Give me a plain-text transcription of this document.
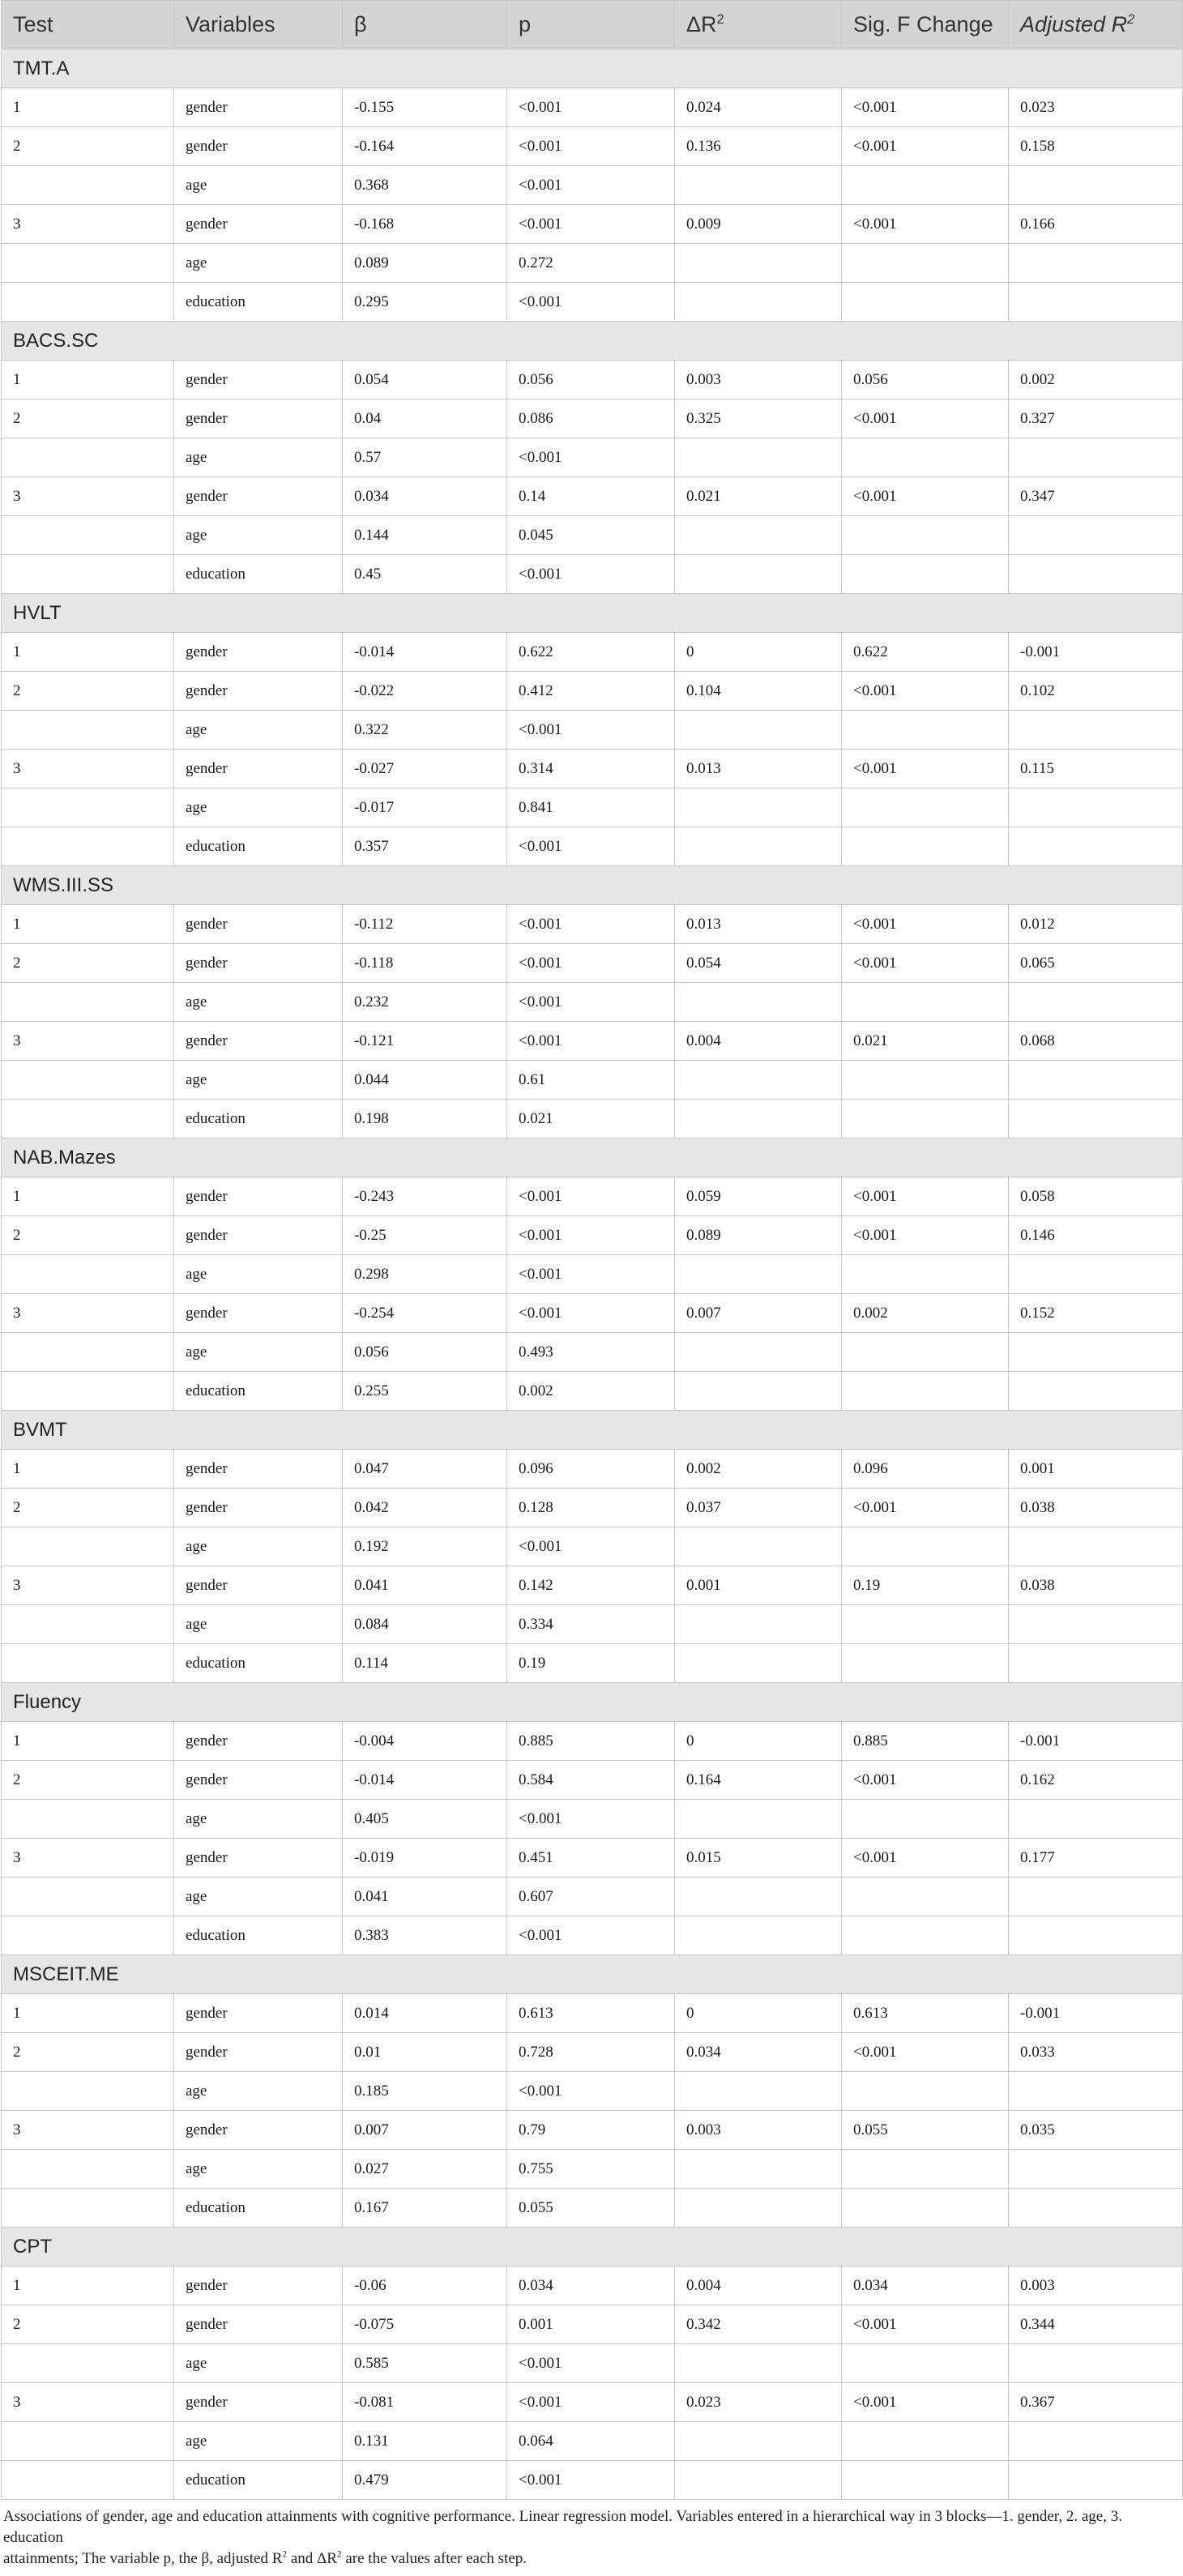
Test	Variables	β	p	$\Delta R^2$	Sig. F Change	Adjusted $R^2$
TMT.A						
1	gender	-0.155	<0.001	0.024	<0.001	0.023
2	gender	-0.164	<0.001	0.136	<0.001	0.158
	age	0.368	<0.001			
3	gender	-0.168	<0.001	0.009	<0.001	0.166
	age	0.089	0.272			
	education	0.295	<0.001			
BACS.SC						
1	gender	0.054	0.056	0.003	0.056	0.002
2	gender	0.04	0.086	0.325	<0.001	0.327
	age	0.57	<0.001			
3	gender	0.034	0.14	0.021	<0.001	0.347
	age	0.144	0.045			
	education	0.45	<0.001			
HVLT						
1	gender	-0.014	0.622	0	0.622	-0.001
2	gender	-0.022	0.412	0.104	<0.001	0.102
	age	0.322	<0.001			
3	gender	-0.027	0.314	0.013	<0.001	0.115
	age	-0.017	0.841			
	education	0.357	<0.001			
WMS.III.SS						
1	gender	-0.112	<0.001	0.013	<0.001	0.012
2	gender	-0.118	<0.001	0.054	<0.001	0.065
	age	0.232	<0.001			
3	gender	-0.121	<0.001	0.004	0.021	0.068
	age	0.044	0.61			
	education	0.198	0.021			
NAB.Mazes						
1	gender	-0.243	<0.001	0.059	<0.001	0.058
2	gender	-0.25	<0.001	0.089	<0.001	0.146
	age	0.298	<0.001			
3	gender	-0.254	<0.001	0.007	0.002	0.152
	age	0.056	0.493			
	education	0.255	0.002			
BVMT						
1	gender	0.047	0.096	0.002	0.096	0.001
2	gender	0.042	0.128	0.037	<0.001	0.038
	age	0.192	<0.001			
3	gender	0.041	0.142	0.001	0.19	0.038
	age	0.084	0.334			
	education	0.114	0.19			
Fluency						
1	gender	-0.004	0.885	0	0.885	-0.001
2	gender	-0.014	0.584	0.164	<0.001	0.162
	age	0.405	<0.001			
3	gender	-0.019	0.451	0.015	<0.001	0.177
	age	0.041	0.607			
	education	0.383	<0.001			
MSCEIT.ME						
1	gender	0.014	0.613	0	0.613	-0.001
2	gender	0.01	0.728	0.034	<0.001	0.033
	age	0.185	<0.001			
3	gender	0.007	0.79	0.003	0.055	0.035
	age	0.027	0.755			
	education	0.167	0.055			
CPT						
1	gender	-0.06	0.034	0.004	0.034	0.003
2	gender	-0.075	0.001	0.342	<0.001	0.344
	age	0.585	<0.001			
3	gender	-0.081	<0.001	0.023	<0.001	0.367
	age	0.131	0.064			
	education	0.479	<0.001			
Associations of gender, age and education attainments with cognitive performance. Linear regression model. Variables entered in a hierarchical way in 3 blocks—1. gender, 2. age, 3. education
attainments; The variable p, the β, adjusted $R^2$ and $\Delta R^2$ are the values after each step.
